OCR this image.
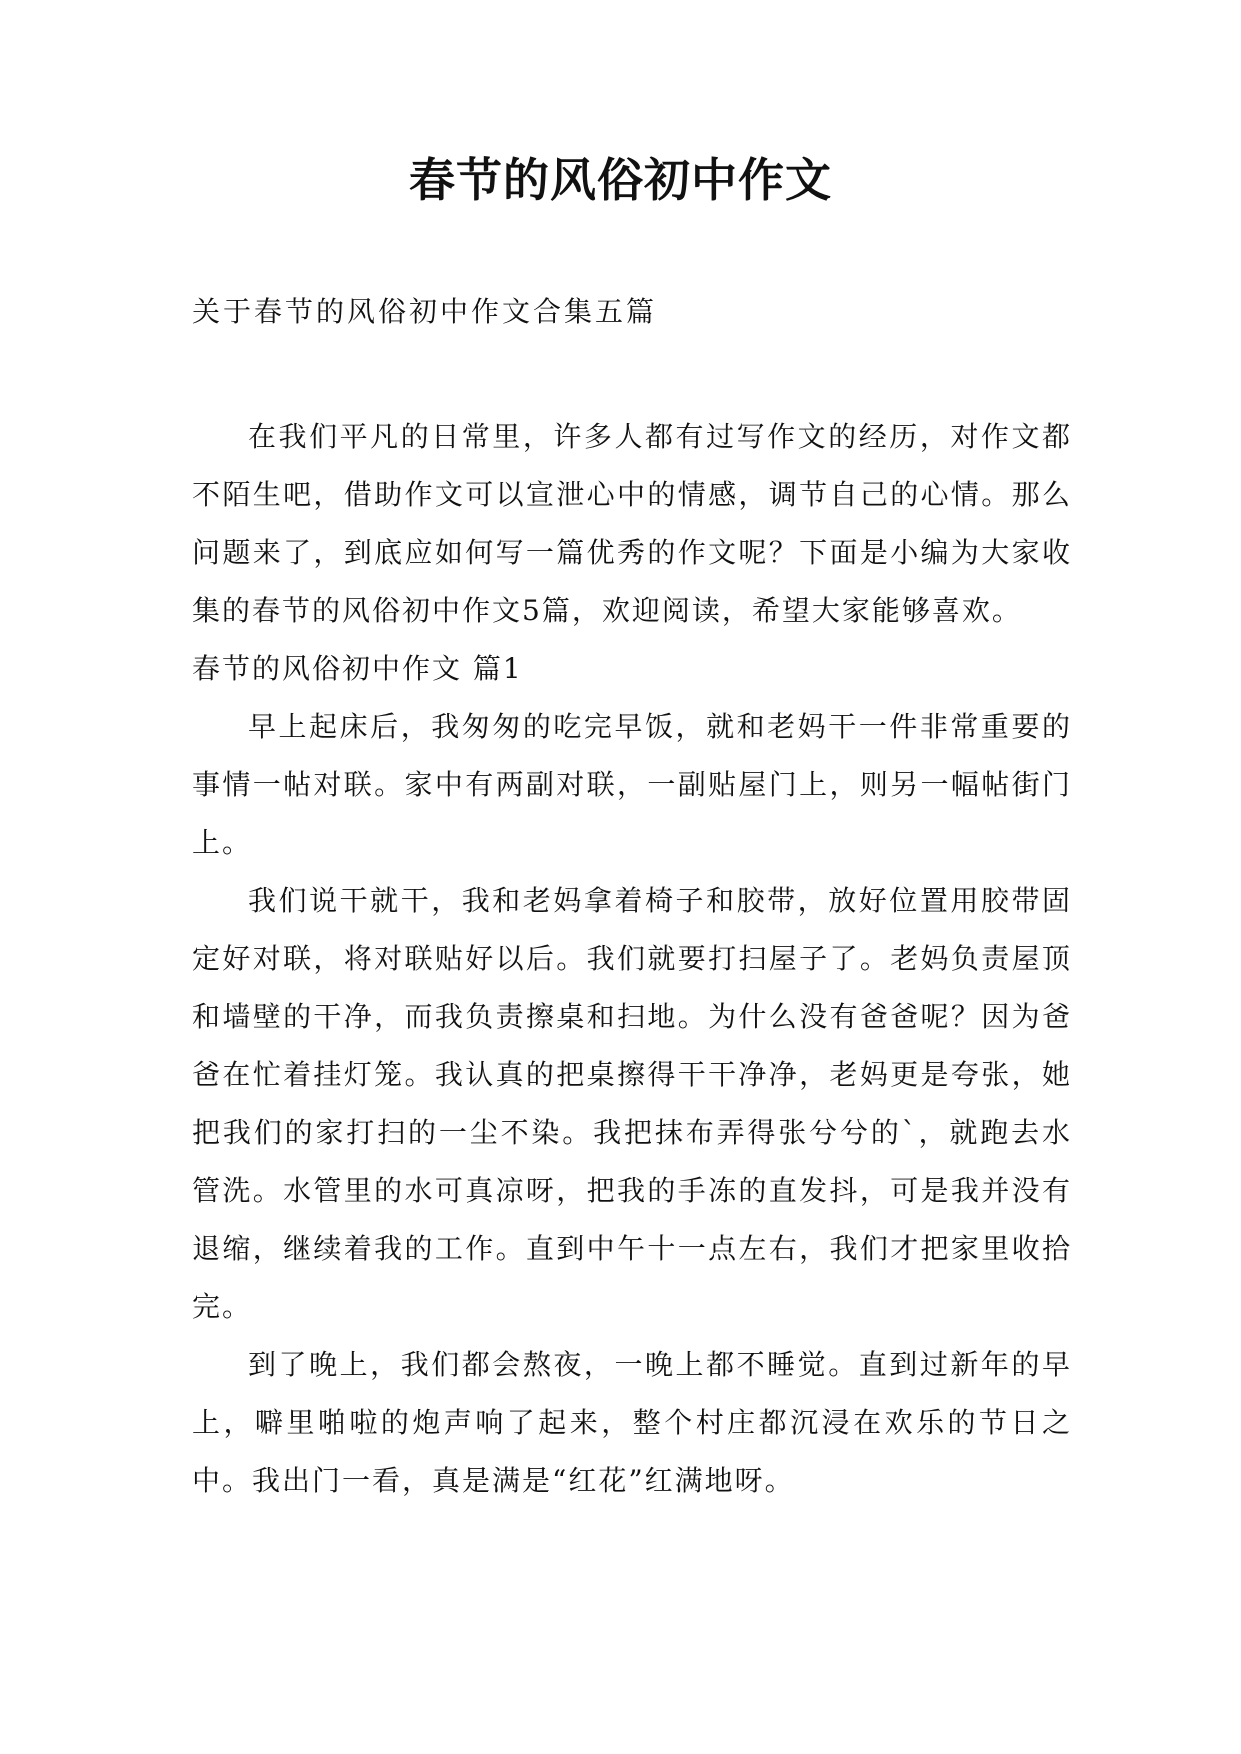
春节的风俗初中作文
关于春节的风俗初中作文合集五篇

在我们平凡的日常里，许多人都有过写作文的经历，对作文都不陌生吧，借助作文可以宣泄心中的情感，调节自己的心情。那么问题来了，到底应如何写一篇优秀的作文呢？下面是小编为大家收集的春节的风俗初中作文5篇，欢迎阅读，希望大家能够喜欢。

春节的风俗初中作文 篇1

早上起床后，我匆匆的吃完早饭，就和老妈干一件非常重要的事情一帖对联。家中有两副对联，一副贴屋门上，则另一幅帖街门上。

我们说干就干，我和老妈拿着椅子和胶带，放好位置用胶带固定好对联，将对联贴好以后。我们就要打扫屋子了。老妈负责屋顶和墙壁的干净，而我负责擦桌和扫地。为什么没有爸爸呢？因为爸爸在忙着挂灯笼。我认真的把桌擦得干干净净，老妈更是夸张，她把我们的家打扫的一尘不染。我把抹布弄得张兮兮的`，就跑去水管洗。水管里的水可真凉呀，把我的手冻的直发抖，可是我并没有退缩，继续着我的工作。直到中午十一点左右，我们才把家里收拾完。

到了晚上，我们都会熬夜，一晚上都不睡觉。直到过新年的早上，噼里啪啦的炮声响了起来，整个村庄都沉浸在欢乐的节日之中。我出门一看，真是满是“红花”红满地呀。
